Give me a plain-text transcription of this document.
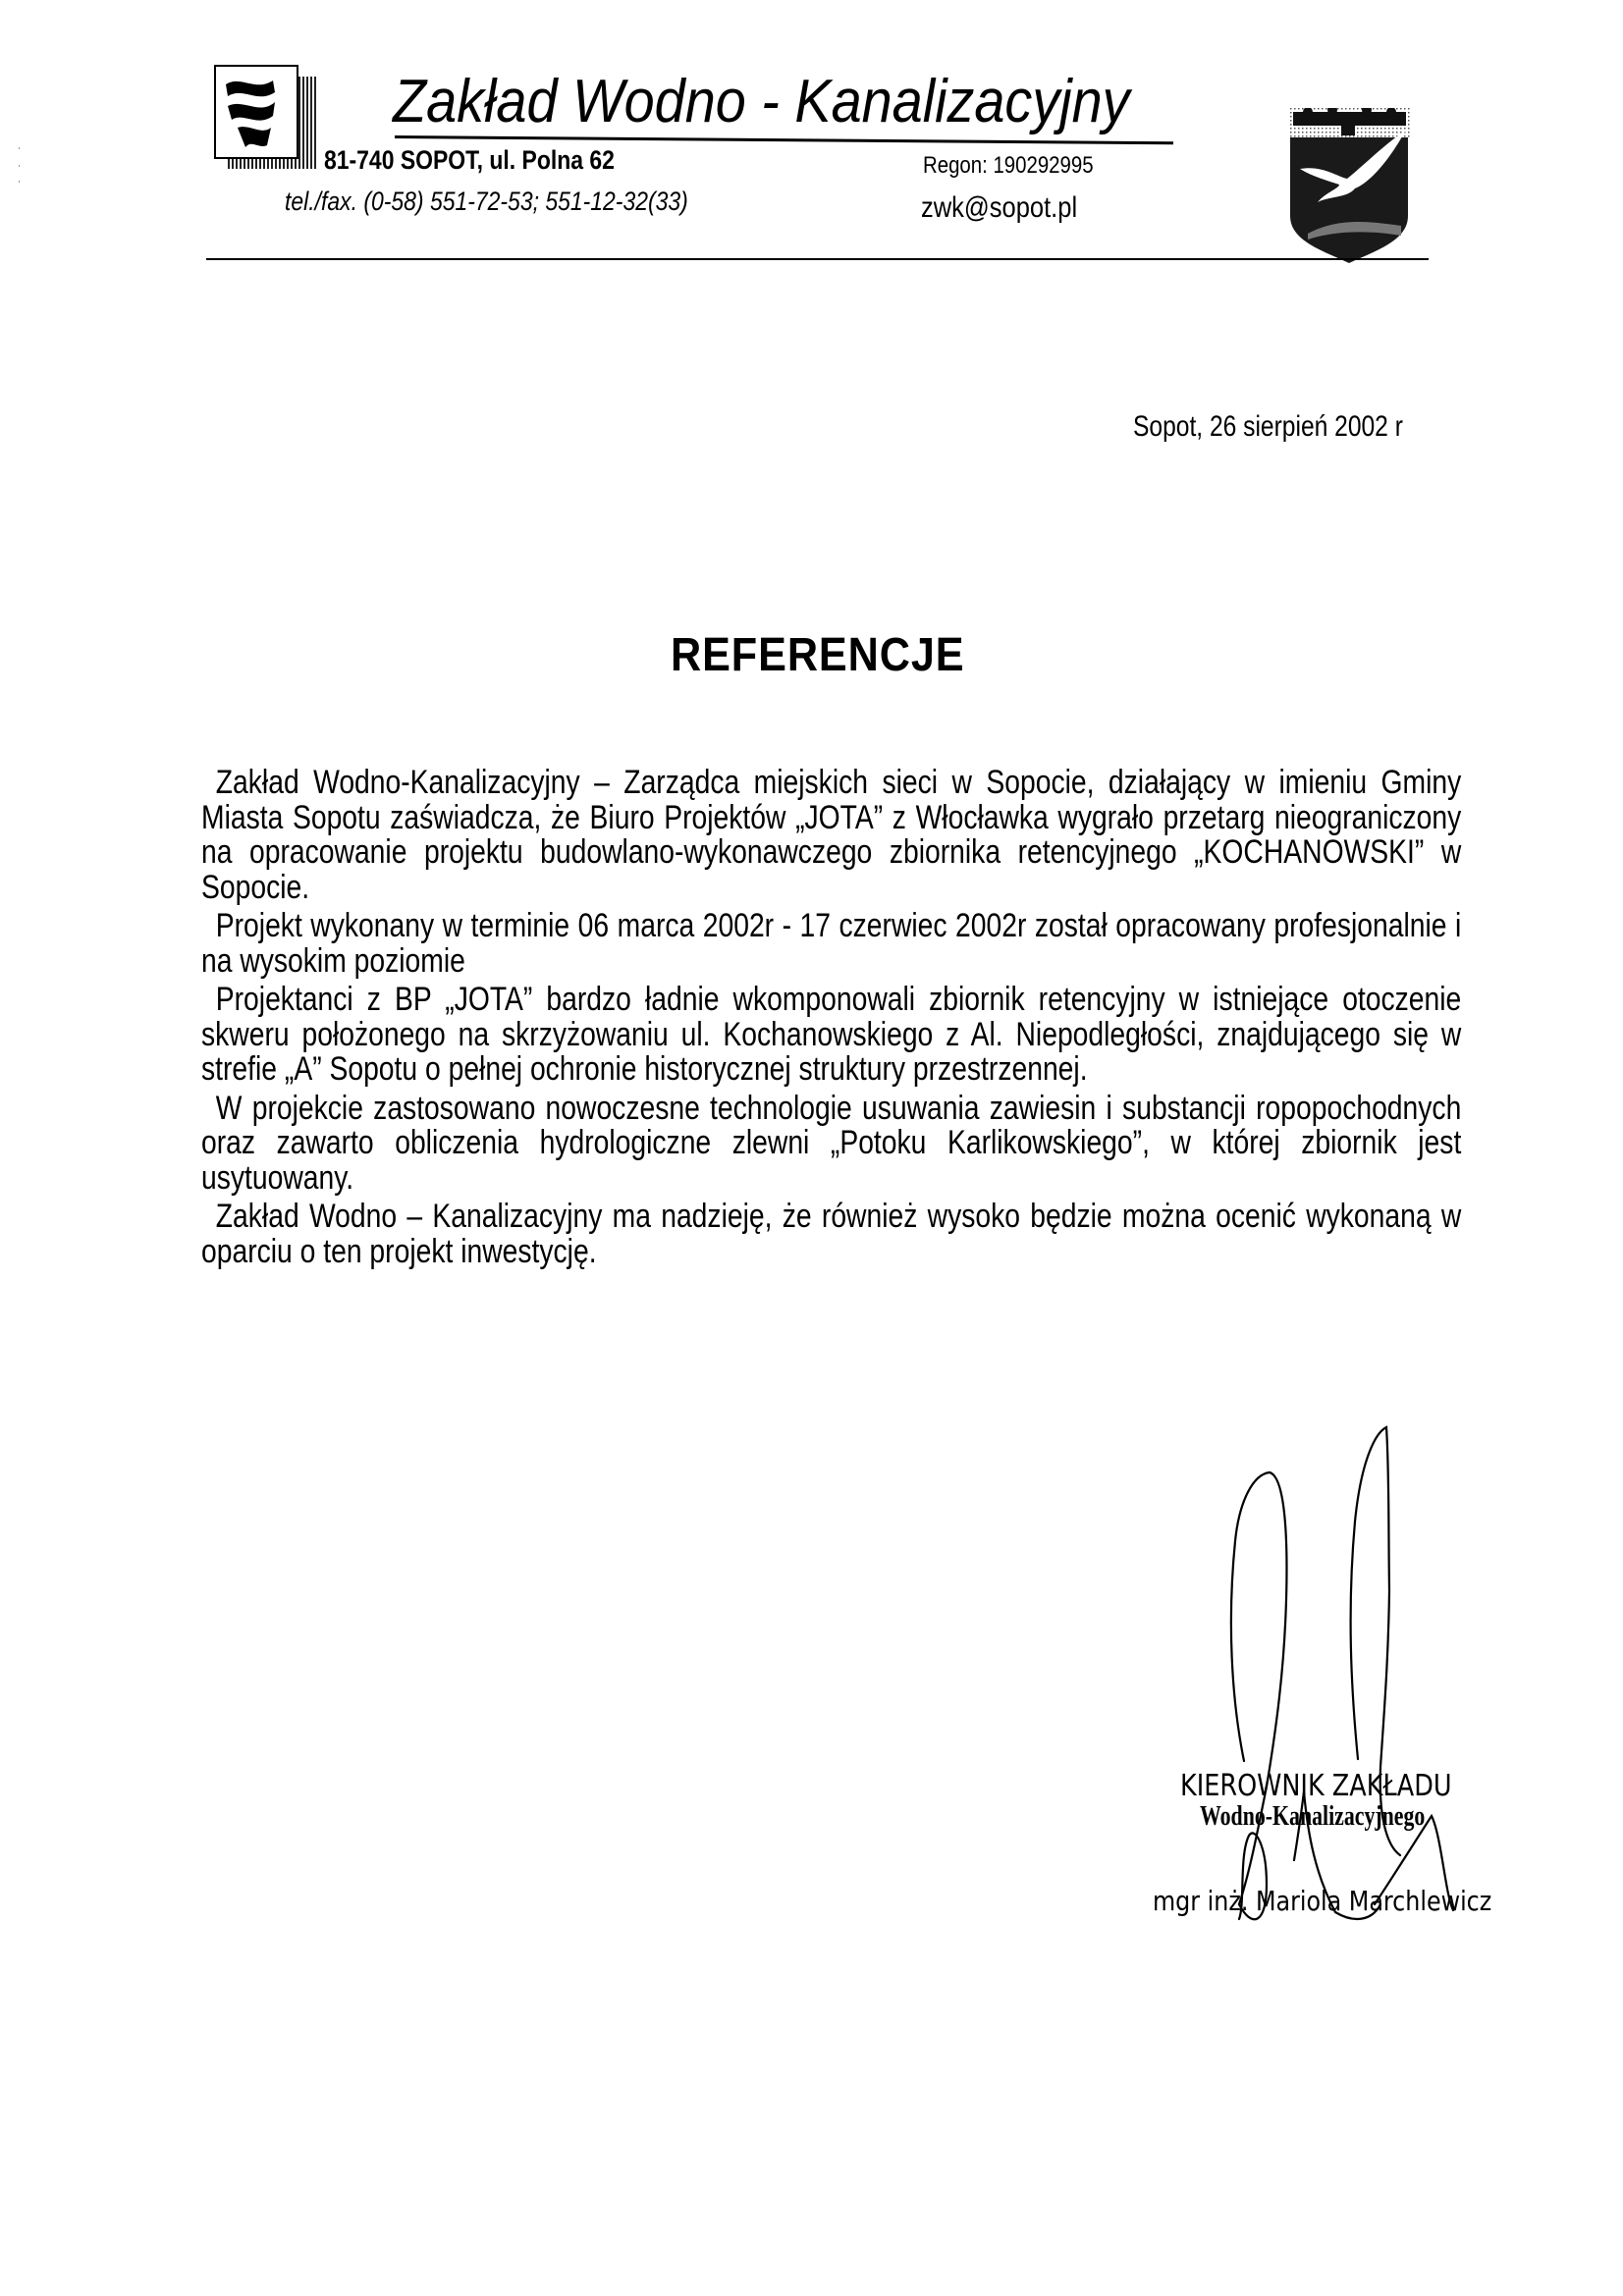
Zakład Wodno - Kanalizacyjny
81-740 SOPOT, ul. Polna 62
tel./fax. (0-58) 551-72-53; 551-12-32(33)
Regon: 190292995
zwk@sopot.pl
Sopot, 26 sierpień 2002 r
REFERENCJE

Zakład Wodno-Kanalizacyjny – Zarządca miejskich sieci w Sopocie, działający w imieniu Gminy Miasta Sopotu zaświadcza, że Biuro Projektów „JOTA” z Włocławka wygrało przetarg nieograniczony na opracowanie projektu budowlano-wykonawczego zbiornika retencyjnego „KOCHANOWSKI” w Sopocie.

Projekt wykonany w terminie 06 marca 2002r - 17 czerwiec 2002r został opracowany profesjonalnie i na wysokim poziomie

Projektanci z BP „JOTA” bardzo ładnie wkomponowali zbiornik retencyjny w istniejące otoczenie skweru położonego na skrzyżowaniu ul. Kochanowskiego z Al. Niepodległości, znajdującego się w strefie „A” Sopotu o pełnej ochronie historycznej struktury przestrzennej.

W projekcie zastosowano nowoczesne technologie usuwania zawiesin i substancji ropopochodnych oraz zawarto obliczenia hydrologiczne zlewni „Potoku Karlikowskiego”, w której zbiornik jest usytuowany.

Zakład Wodno – Kanalizacyjny ma nadzieję, że również wysoko będzie można ocenić wykonaną w oparciu o ten projekt inwestycję.

KIEROWNIK ZAKŁADU
Wodno-Kanalizacyjnego
mgr inż. Mariola Marchlewicz
